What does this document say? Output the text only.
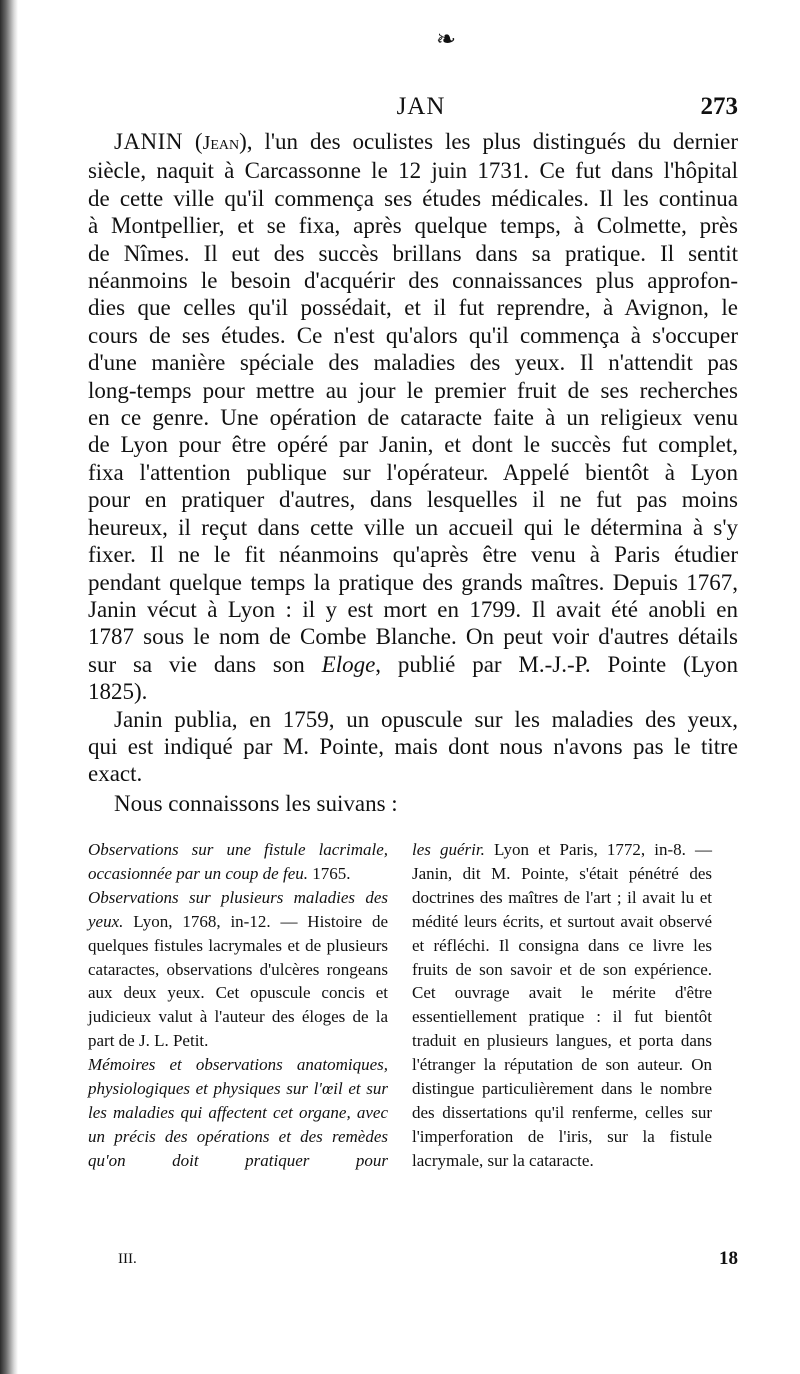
❧
JAN	273

JANIN (Jean), l'un des oculistes les plus distingués du dernier

siècle, naquit à Carcassonne le 12 juin 1731. Ce fut dans l'hôpital

de cette ville qu'il commença ses études médicales. Il les continua

à Montpellier, et se fixa, après quelque temps, à Colmette, près

de Nîmes. Il eut des succès brillans dans sa pratique. Il sentit

néanmoins le besoin d'acquérir des connaissances plus approfon-

dies que celles qu'il possédait, et il fut reprendre, à Avignon, le

cours de ses études. Ce n'est qu'alors qu'il commença à s'occuper

d'une manière spéciale des maladies des yeux. Il n'attendit pas

long-temps pour mettre au jour le premier fruit de ses recherches

en ce genre. Une opération de cataracte faite à un religieux venu

de Lyon pour être opéré par Janin, et dont le succès fut complet,

fixa l'attention publique sur l'opérateur. Appelé bientôt à Lyon

pour en pratiquer d'autres, dans lesquelles il ne fut pas moins

heureux, il reçut dans cette ville un accueil qui le détermina à s'y

fixer. Il ne le fit néanmoins qu'après être venu à Paris étudier

pendant quelque temps la pratique des grands maîtres. Depuis 1767,

Janin vécut à Lyon : il y est mort en 1799. Il avait été anobli en

1787 sous le nom de Combe Blanche. On peut voir d'autres détails

sur sa vie dans son Eloge, publié par M.-J.-P. Pointe (Lyon

1825).

Janin publia, en 1759, un opuscule sur les maladies des yeux,

qui est indiqué par M. Pointe, mais dont nous n'avons pas le titre

exact.

Nous connaissons les suivans :

Observations sur une fistule lacrimale, occasionnée par un coup de feu. 1765.

Observations sur plusieurs maladies des yeux. Lyon, 1768, in-12. — Histoire de quelques fistules lacrymales et de plusieurs cataractes, observations d'ulcères rongeans aux deux yeux. Cet opuscule concis et judicieux valut à l'auteur des éloges de la part de J. L. Petit.

Mémoires et observations anatomiques, physiologiques et physiques sur l'œil et sur les maladies qui affectent cet organe, avec un précis des opérations et des remèdes qu'on doit pratiquer pour

les guérir. Lyon et Paris, 1772, in-8. — Janin, dit M. Pointe, s'était pénétré des doctrines des maîtres de l'art ; il avait lu et médité leurs écrits, et surtout avait observé et réfléchi. Il consigna dans ce livre les fruits de son savoir et de son expérience. Cet ouvrage avait le mérite d'être essentiellement pratique : il fut bientôt traduit en plusieurs langues, et porta dans l'étranger la réputation de son auteur. On distingue particulièrement dans le nombre des dissertations qu'il renferme, celles sur l'imperforation de l'iris, sur la fistule lacrymale, sur la cataracte.

III.	18
